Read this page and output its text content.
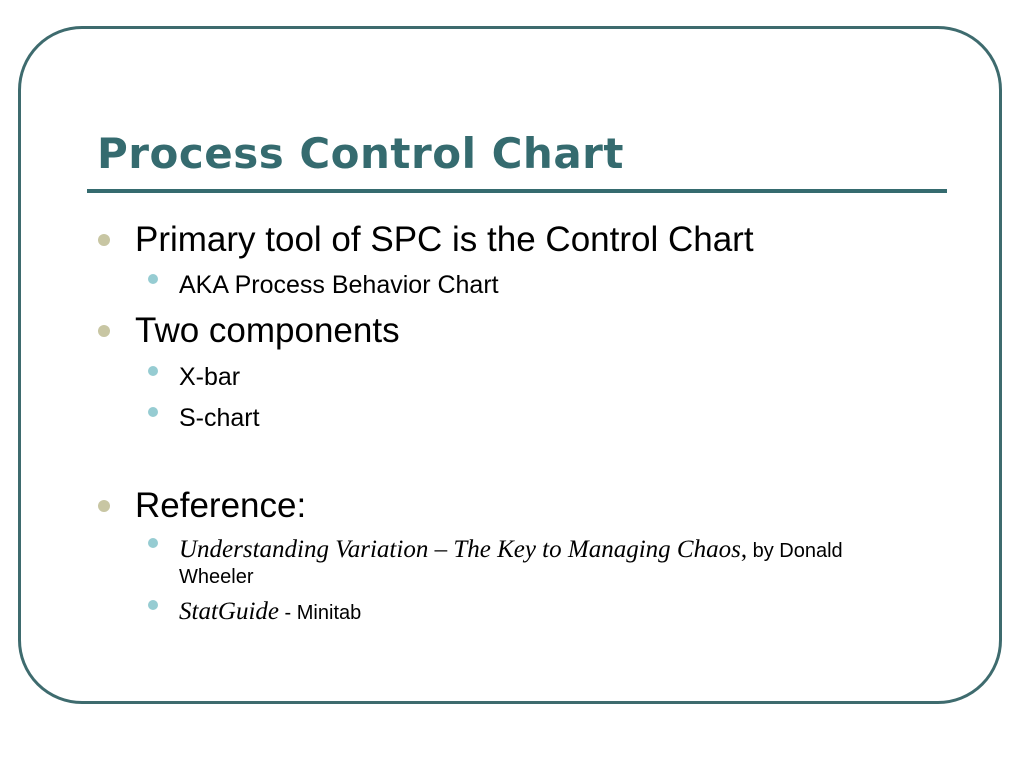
Process Control Chart
Primary tool of SPC is the Control Chart
AKA Process Behavior Chart
Two components
X-bar
S-chart
Reference:
Understanding Variation – The Key to Managing Chaos, by Donald
Wheeler
StatGuide - Minitab
